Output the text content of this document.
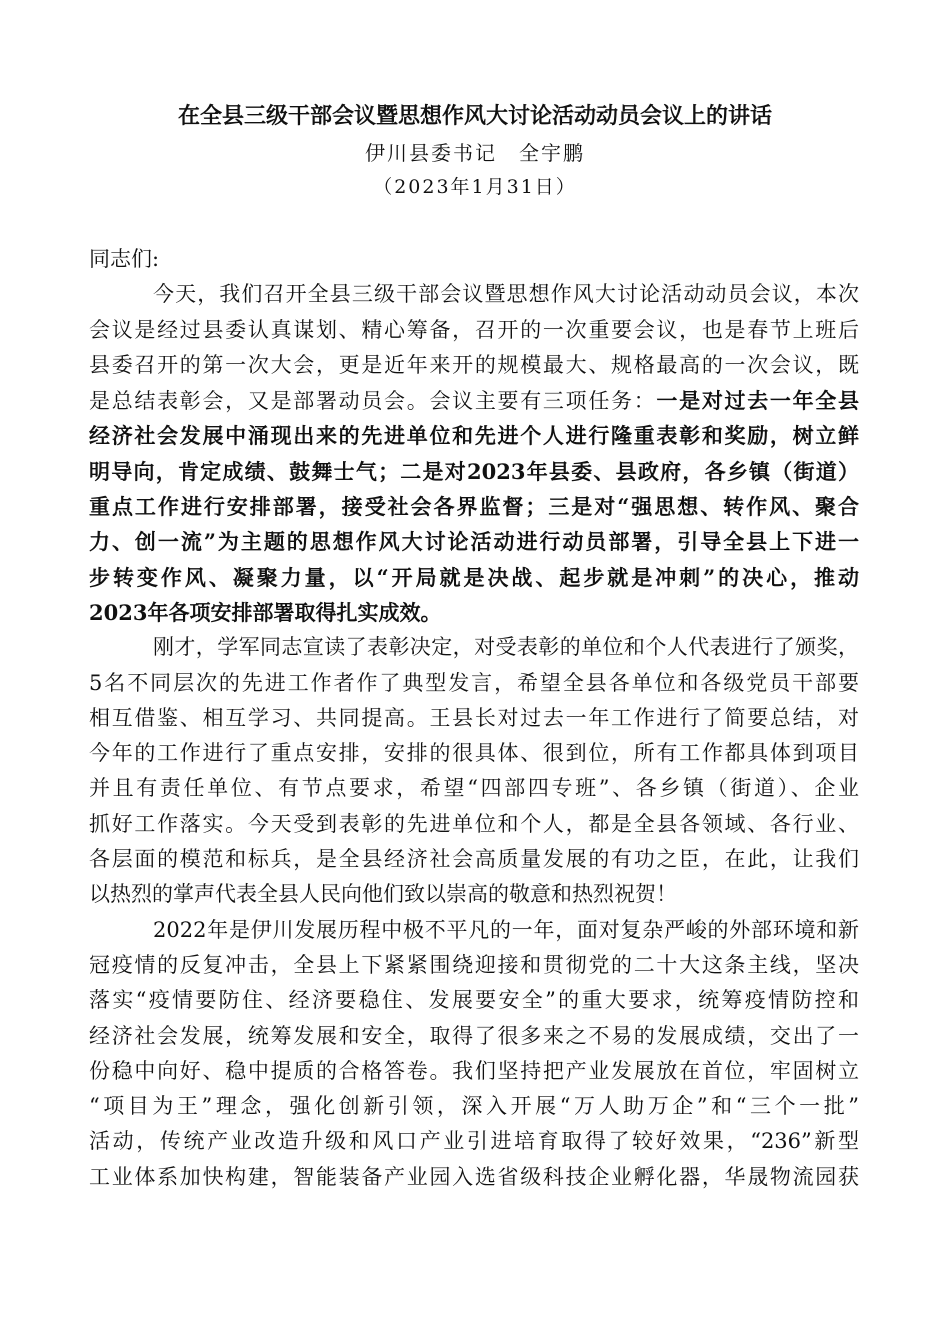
在全县三级干部会议暨思想作风大讨论活动动员会议上的讲话
伊川县委书记　全宇鹏
（2023年1月31日）
同志们:
今天，我们召开全县三级干部会议暨思想作风大讨论活动动员会议，本次
会议是经过县委认真谋划、精心筹备，召开的一次重要会议，也是春节上班后
县委召开的第一次大会，更是近年来开的规模最大、规格最高的一次会议，既
是总结表彰会，又是部署动员会。会议主要有三项任务：一是对过去一年全县
经济社会发展中涌现出来的先进单位和先进个人进行隆重表彰和奖励，树立鲜
明导向，肯定成绩、鼓舞士气；二是对2023年县委、县政府，各乡镇（街道）
重点工作进行安排部署，接受社会各界监督；三是对“强思想、转作风、聚合
力、创一流”为主题的思想作风大讨论活动进行动员部署，引导全县上下进一
步转变作风、凝聚力量，以“开局就是决战、起步就是冲刺”的决心，推动
2023年各项安排部署取得扎实成效。
刚才，学军同志宣读了表彰决定，对受表彰的单位和个人代表进行了颁奖，
5名不同层次的先进工作者作了典型发言，希望全县各单位和各级党员干部要
相互借鉴、相互学习、共同提高。王县长对过去一年工作进行了简要总结，对
今年的工作进行了重点安排，安排的很具体、很到位，所有工作都具体到项目
并且有责任单位、有节点要求，希望“四部四专班”、各乡镇（街道）、企业
抓好工作落实。今天受到表彰的先进单位和个人，都是全县各领域、各行业、
各层面的模范和标兵，是全县经济社会高质量发展的有功之臣，在此，让我们
以热烈的掌声代表全县人民向他们致以崇高的敬意和热烈祝贺！
2022年是伊川发展历程中极不平凡的一年，面对复杂严峻的外部环境和新
冠疫情的反复冲击，全县上下紧紧围绕迎接和贯彻党的二十大这条主线，坚决
落实“疫情要防住、经济要稳住、发展要安全”的重大要求，统筹疫情防控和
经济社会发展，统筹发展和安全，取得了很多来之不易的发展成绩，交出了一
份稳中向好、稳中提质的合格答卷。我们坚持把产业发展放在首位，牢固树立
“项目为王”理念，强化创新引领，深入开展“万人助万企”和“三个一批”
活动，传统产业改造升级和风口产业引进培育取得了较好效果，“236”新型
工业体系加快构建，智能装备产业园入选省级科技企业孵化器，华晟物流园获
